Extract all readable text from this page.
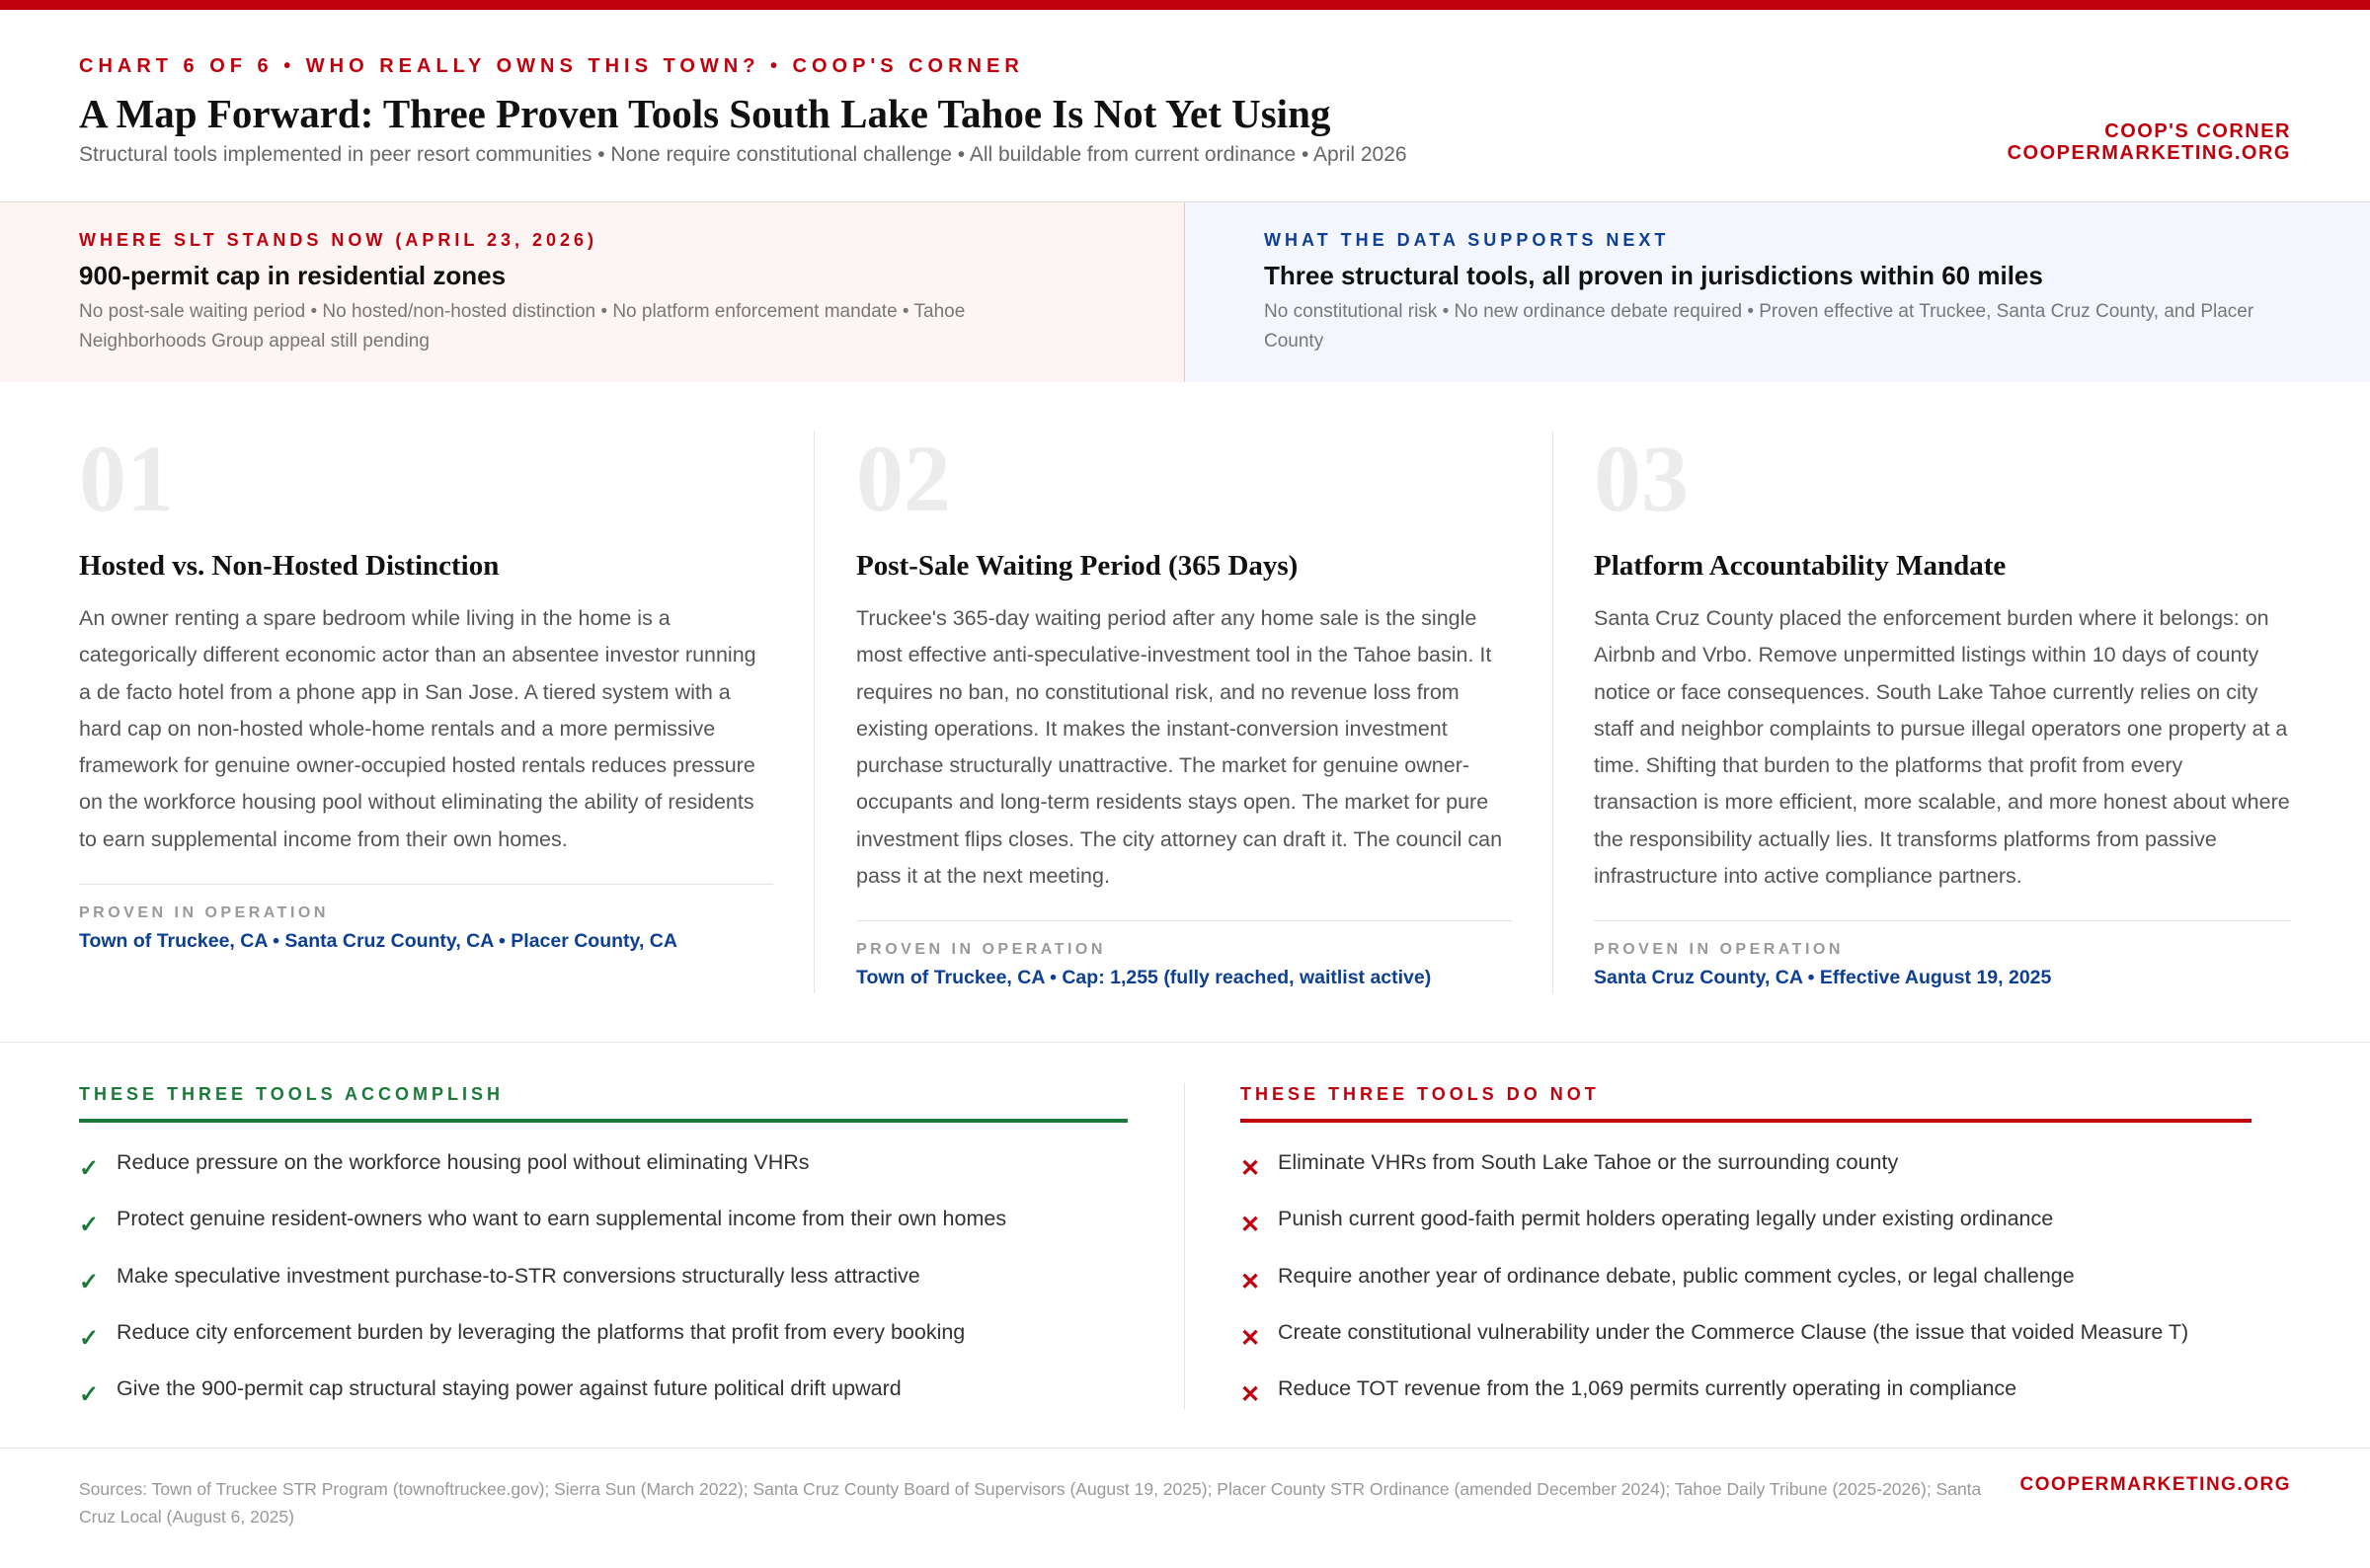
CHART 6 OF 6 • WHO REALLY OWNS THIS TOWN? • COOP'S CORNER
A Map Forward: Three Proven Tools South Lake Tahoe Is Not Yet Using
Structural tools implemented in peer resort communities • None require constitutional challenge • All buildable from current ordinance • April 2026
COOP'S CORNER
COOPERMARKETING.ORG
WHERE SLT STANDS NOW (APRIL 23, 2026)
900-permit cap in residential zones
No post-sale waiting period • No hosted/non-hosted distinction • No platform enforcement mandate • Tahoe Neighborhoods Group appeal still pending
WHAT THE DATA SUPPORTS NEXT
Three structural tools, all proven in jurisdictions within 60 miles
No constitutional risk • No new ordinance debate required • Proven effective at Truckee, Santa Cruz County, and Placer County
01
Hosted vs. Non-Hosted Distinction

An owner renting a spare bedroom while living in the home is a categorically different economic actor than an absentee investor running a de facto hotel from a phone app in San Jose. A tiered system with a hard cap on non-hosted whole-home rentals and a more permissive framework for genuine owner-occupied hosted rentals reduces pressure on the workforce housing pool without eliminating the ability of residents to earn supplemental income from their own homes.

PROVEN IN OPERATION
Town of Truckee, CA • Santa Cruz County, CA • Placer County, CA
02
Post-Sale Waiting Period (365 Days)

Truckee's 365-day waiting period after any home sale is the single most effective anti-speculative-investment tool in the Tahoe basin. It requires no ban, no constitutional risk, and no revenue loss from existing operations. It makes the instant-conversion investment purchase structurally unattractive. The market for genuine owner-occupants and long-term residents stays open. The market for pure investment flips closes. The city attorney can draft it. The council can pass it at the next meeting.

PROVEN IN OPERATION
Town of Truckee, CA • Cap: 1,255 (fully reached, waitlist active)
03
Platform Accountability Mandate

Santa Cruz County placed the enforcement burden where it belongs: on Airbnb and Vrbo. Remove unpermitted listings within 10 days of county notice or face consequences. South Lake Tahoe currently relies on city staff and neighbor complaints to pursue illegal operators one property at a time. Shifting that burden to the platforms that profit from every transaction is more efficient, more scalable, and more honest about where the responsibility actually lies. It transforms platforms from passive infrastructure into active compliance partners.

PROVEN IN OPERATION
Santa Cruz County, CA • Effective August 19, 2025
THESE THREE TOOLS ACCOMPLISH
✓ Reduce pressure on the workforce housing pool without eliminating VHRs
✓ Protect genuine resident-owners who want to earn supplemental income from their own homes
✓ Make speculative investment purchase-to-STR conversions structurally less attractive
✓ Reduce city enforcement burden by leveraging the platforms that profit from every booking
✓ Give the 900-permit cap structural staying power against future political drift upward
THESE THREE TOOLS DO NOT
✕ Eliminate VHRs from South Lake Tahoe or the surrounding county
✕ Punish current good-faith permit holders operating legally under existing ordinance
✕ Require another year of ordinance debate, public comment cycles, or legal challenge
✕ Create constitutional vulnerability under the Commerce Clause (the issue that voided Measure T)
✕ Reduce TOT revenue from the 1,069 permits currently operating in compliance
Sources: Town of Truckee STR Program (townoftruckee.gov); Sierra Sun (March 2022); Santa Cruz County Board of Supervisors (August 19, 2025); Placer County STR Ordinance (amended December 2024); Tahoe Daily Tribune (2025-2026); Santa Cruz Local (August 6, 2025)
COOPERMARKETING.ORG
